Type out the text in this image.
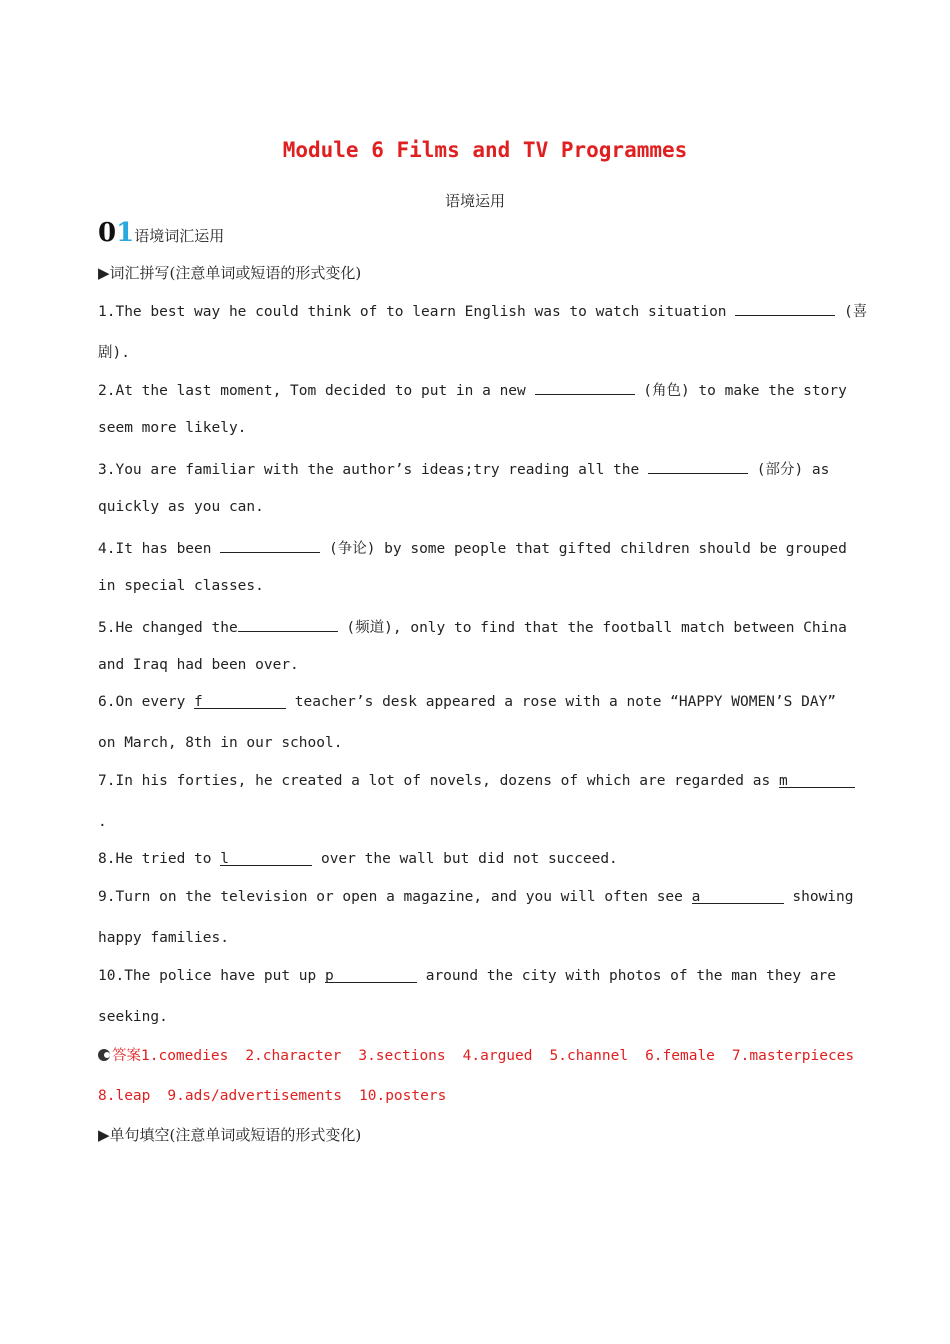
Module 6 Films and TV Programmes
语境运用
01语境词汇运用
▶词汇拼写(注意单词或短语的形式变化)
1.The best way he could think of to learn English was to watch situation	(喜
剧).
2.At the last moment, Tom decided to put in a new	(角色) to make the story
seem more likely.
3.You are familiar with the author’s ideas;try reading all the	(部分) as
quickly as you can.
4.It has been	(争论) by some people that gifted children should be grouped
in special classes.
5.He changed the	(频道), only to find that the football match between China
and Iraq had been over.
6.On every f	teacher’s desk appeared a rose with a note “HAPPY WOMEN’S DAY”
on March, 8th in our school.
7.In his forties, he created a lot of novels, dozens of which are regarded as m
.
8.He tried to l	over the wall but did not succeed.
9.Turn on the television or open a magazine, and you will often see a	showing
happy families.
10.The police have put up p	around the city with photos of the man they are
seeking.
答案1.comedies 2.character 3.sections 4.argued 5.channel 6.female 7.masterpieces
8.leap 9.ads/advertisements 10.posters
▶单句填空(注意单词或短语的形式变化)
